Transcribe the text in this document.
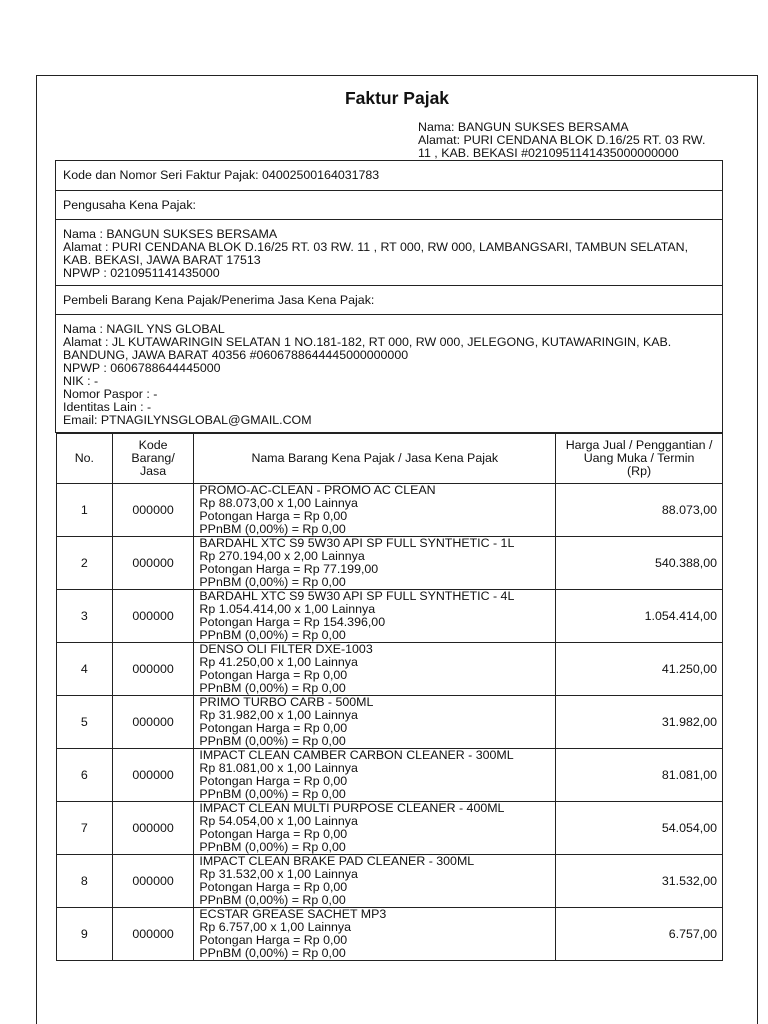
Faktur Pajak
Nama: BANGUN SUKSES BERSAMA
Alamat: PURI CENDANA BLOK D.16/25 RT. 03 RW.
11 , KAB. BEKASI #0210951141435000000000
Kode dan Nomor Seri Faktur Pajak: 04002500164031783
Pengusaha Kena Pajak:
Nama : BANGUN SUKSES BERSAMA
Alamat : PURI CENDANA BLOK D.16/25 RT. 03 RW. 11 , RT 000, RW 000, LAMBANGSARI, TAMBUN SELATAN,
KAB. BEKASI, JAWA BARAT 17513
NPWP : 0210951141435000
Pembeli Barang Kena Pajak/Penerima Jasa Kena Pajak:
Nama : NAGIL YNS GLOBAL
Alamat : JL KUTAWARINGIN SELATAN 1 NO.181-182, RT 000, RW 000, JELEGONG, KUTAWARINGIN, KAB.
BANDUNG, JAWA BARAT 40356 #0606788644445000000000
NPWP : 0606788644445000
NIK : -
Nomor Paspor : -
Identitas Lain : -
Email: PTNAGILYNSGLOBAL@GMAIL.COM
No.	Kode
Barang/
Jasa	Nama Barang Kena Pajak / Jasa Kena Pajak	Harga Jual / Penggantian /
Uang Muka / Termin
(Rp)

1	000000	PROMO-AC-CLEAN - PROMO AC CLEAN
Rp 88.073,00 x 1,00 Lainnya
Potongan Harga = Rp 0,00
PPnBM (0,00%) = Rp 0,00	88.073,00
2	000000	BARDAHL XTC S9 5W30 API SP FULL SYNTHETIC - 1L
Rp 270.194,00 x 2,00 Lainnya
Potongan Harga = Rp 77.199,00
PPnBM (0,00%) = Rp 0,00	540.388,00
3	000000	BARDAHL XTC S9 5W30 API SP FULL SYNTHETIC - 4L
Rp 1.054.414,00 x 1,00 Lainnya
Potongan Harga = Rp 154.396,00
PPnBM (0,00%) = Rp 0,00	1.054.414,00
4	000000	DENSO OLI FILTER DXE-1003
Rp 41.250,00 x 1,00 Lainnya
Potongan Harga = Rp 0,00
PPnBM (0,00%) = Rp 0,00	41.250,00
5	000000	PRIMO TURBO CARB - 500ML
Rp 31.982,00 x 1,00 Lainnya
Potongan Harga = Rp 0,00
PPnBM (0,00%) = Rp 0,00	31.982,00
6	000000	IMPACT CLEAN CAMBER CARBON CLEANER - 300ML
Rp 81.081,00 x 1,00 Lainnya
Potongan Harga = Rp 0,00
PPnBM (0,00%) = Rp 0,00	81.081,00
7	000000	IMPACT CLEAN MULTI PURPOSE CLEANER - 400ML
Rp 54.054,00 x 1,00 Lainnya
Potongan Harga = Rp 0,00
PPnBM (0,00%) = Rp 0,00	54.054,00
8	000000	IMPACT CLEAN BRAKE PAD CLEANER - 300ML
Rp 31.532,00 x 1,00 Lainnya
Potongan Harga = Rp 0,00
PPnBM (0,00%) = Rp 0,00	31.532,00
9	000000	ECSTAR GREASE SACHET MP3
Rp 6.757,00 x 1,00 Lainnya
Potongan Harga = Rp 0,00
PPnBM (0,00%) = Rp 0,00	6.757,00
